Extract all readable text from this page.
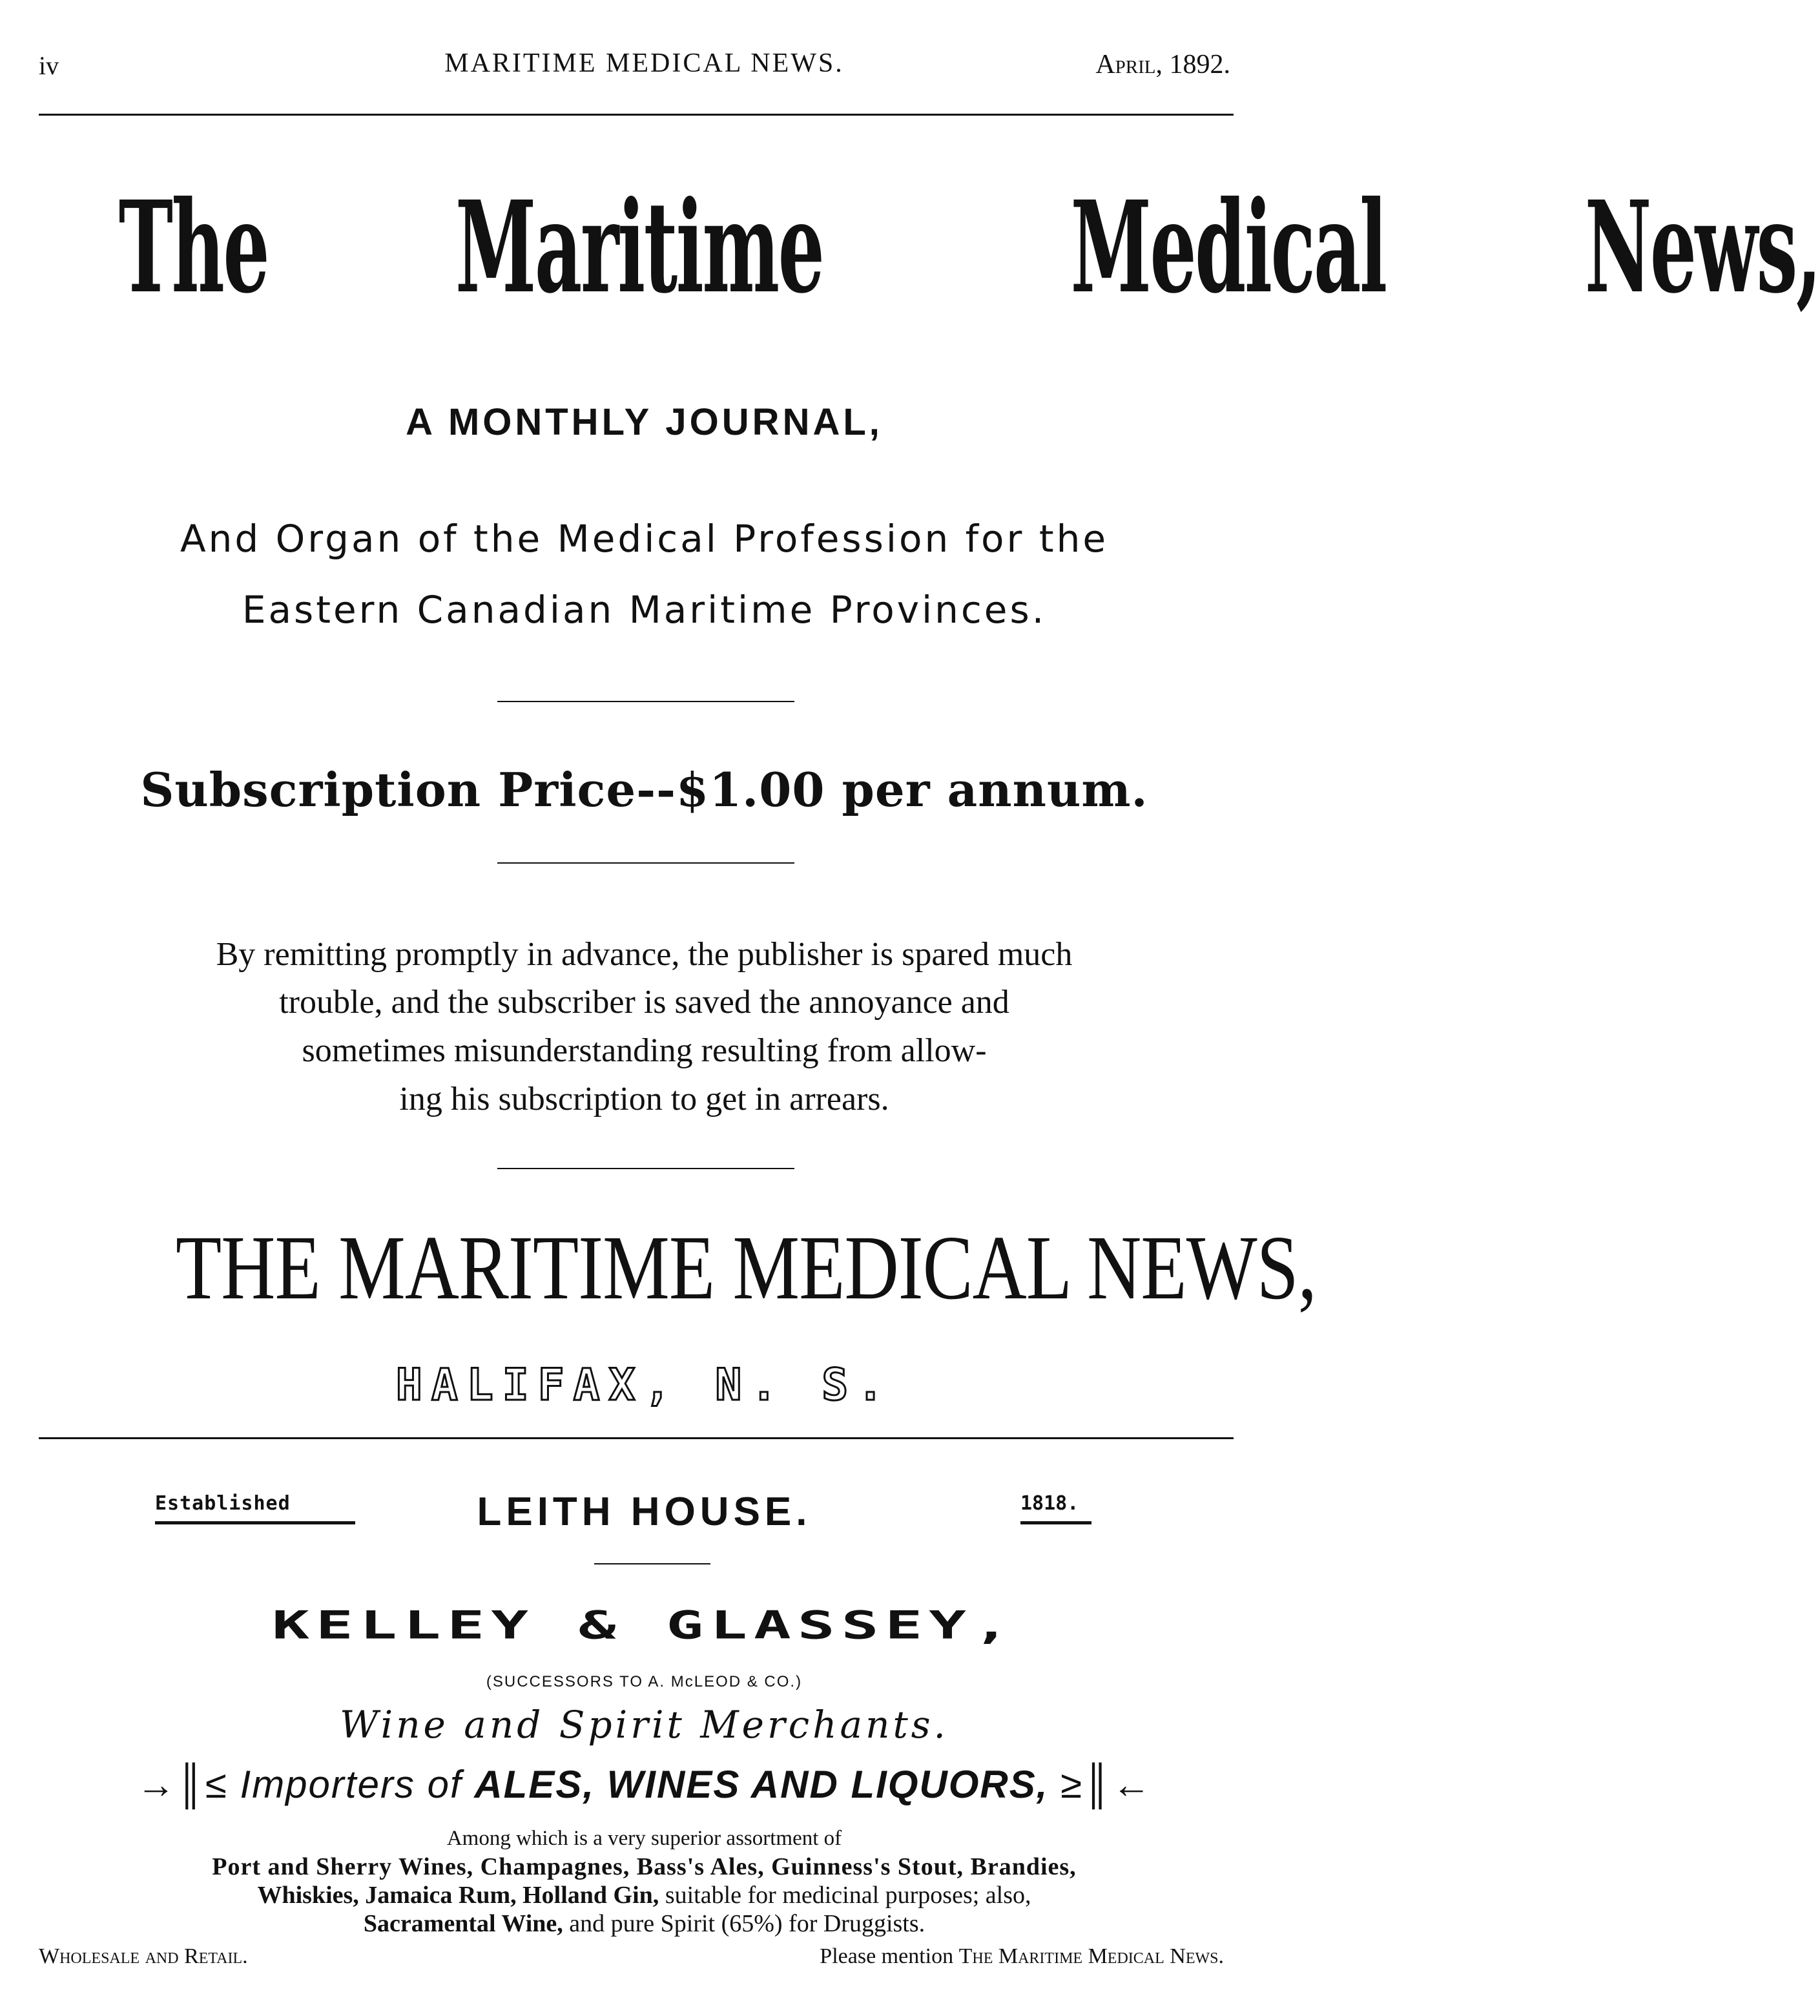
iv	MARITIME MEDICAL NEWS.	April, 1892.
The Maritime Medical News,
A MONTHLY JOURNAL,
And Organ of the Medical Profession for the
Eastern Canadian Maritime Provinces.
Subscription Price--$1.00 per annum.
By remitting promptly in advance, the publisher is spared much
trouble, and the subscriber is saved the annoyance and
sometimes misunderstanding resulting from allow-
ing his subscription to get in arrears.
THE MARITIME MEDICAL NEWS,
HALIFAX, N. S.
Established	LEITH HOUSE.	1818.
KELLEY & GLASSEY,
(SUCCESSORS TO A. McLEOD & CO.)
Wine and Spirit Merchants.
→║≤ Importers of ALES, WINES AND LIQUORS, ≥║←
Among which is a very superior assortment of
Port and Sherry Wines, Champagnes, Bass's Ales, Guinness's Stout, Brandies,
Whiskies, Jamaica Rum, Holland Gin, suitable for medicinal purposes; also,
Sacramental Wine, and pure Spirit (65%) for Druggists.
Wholesale and Retail.	Please mention The Maritime Medical News.
